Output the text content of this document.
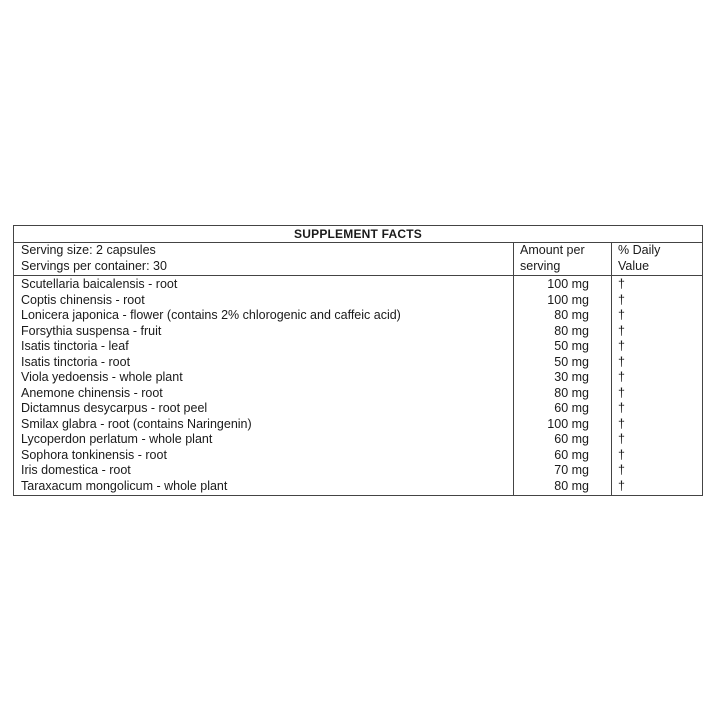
SUPPLEMENT FACTS
Serving size: 2 capsules
Servings per container: 30
Amount per
serving
% Daily
Value
Scutellaria baicalensis - root
Coptis chinensis - root
Lonicera japonica - flower (contains 2% chlorogenic and caffeic acid)
Forsythia suspensa - fruit
Isatis tinctoria - leaf
Isatis tinctoria - root
Viola yedoensis - whole plant
Anemone chinensis - root
Dictamnus desycarpus - root peel
Smilax glabra - root (contains Naringenin)
Lycoperdon perlatum - whole plant
Sophora tonkinensis - root
Iris domestica - root
Taraxacum mongolicum - whole plant
100 mg
100 mg
80 mg
80 mg
50 mg
50 mg
30 mg
80 mg
60 mg
100 mg
60 mg
60 mg
70 mg
80 mg
†
†
†
†
†
†
†
†
†
†
†
†
†
†
